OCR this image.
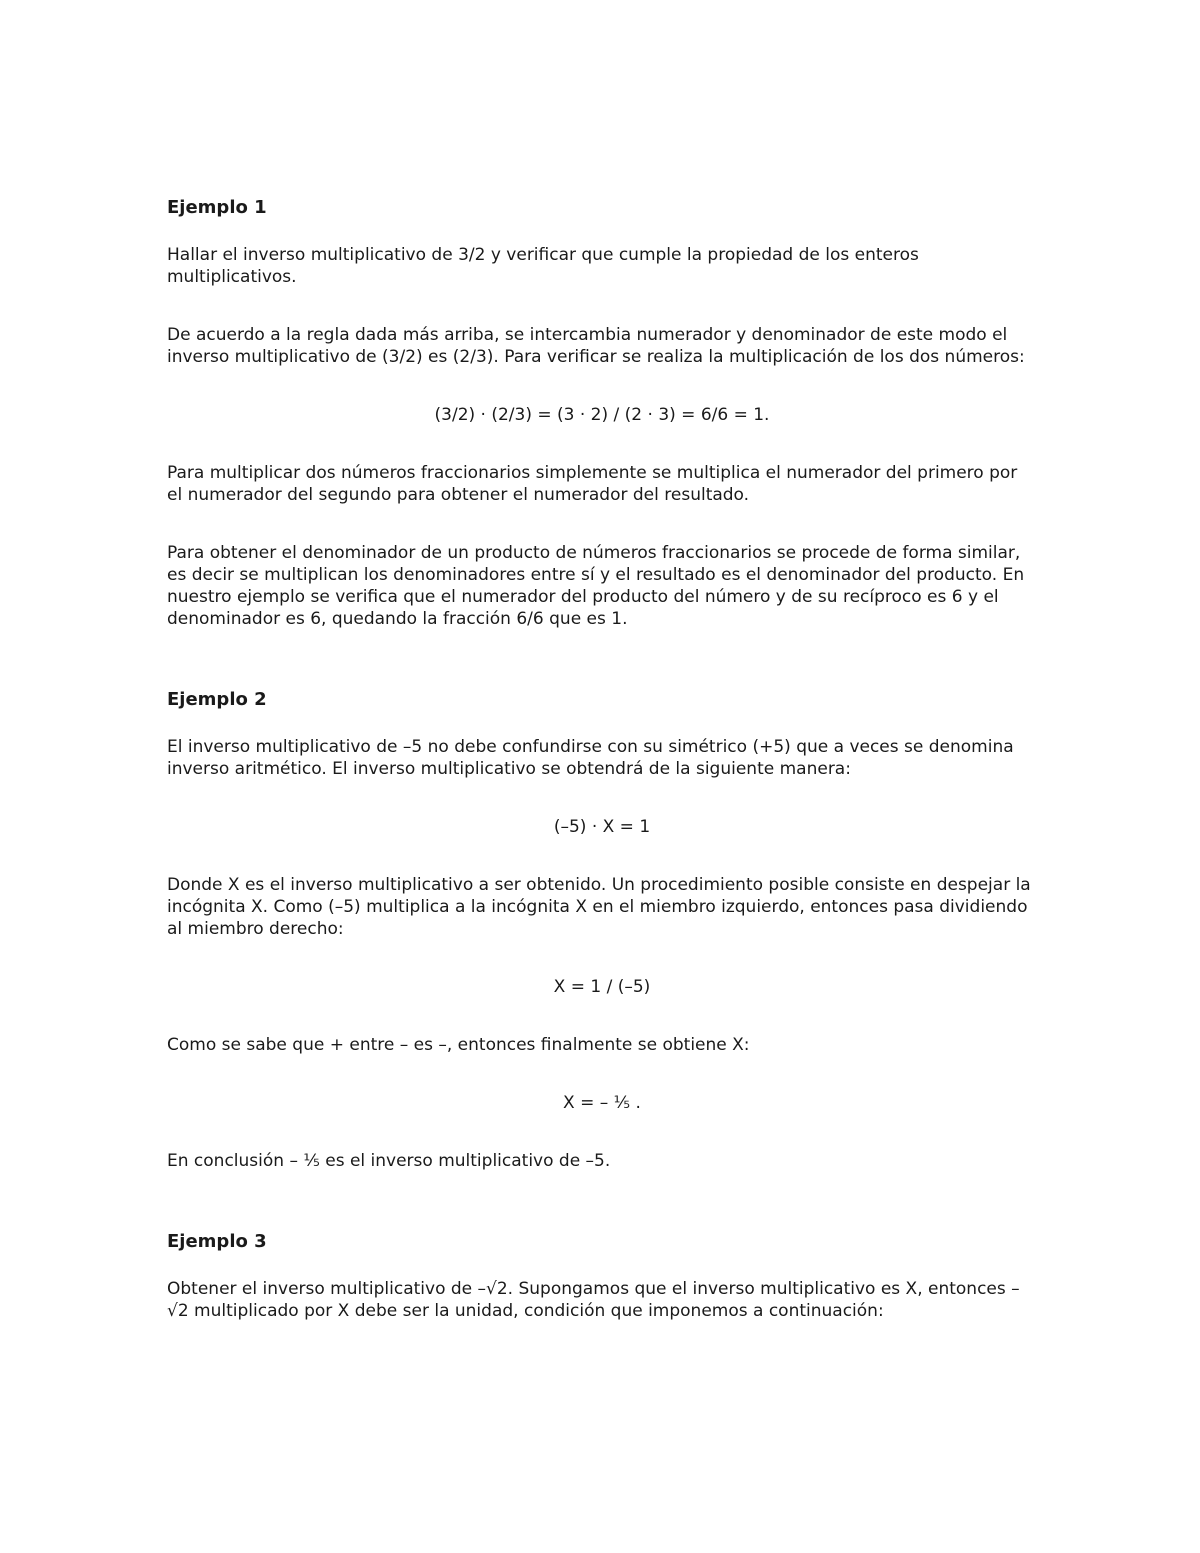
Ejemplo 1

Hallar el inverso multiplicativo de 3/2 y verificar que cumple la propiedad de los enteros multiplicativos.

De acuerdo a la regla dada más arriba, se intercambia numerador y denominador de este modo el inverso multiplicativo de (3/2) es (2/3). Para verificar se realiza la multiplicación de los dos números:

(3/2) · (2/3) = (3 · 2) / (2 · 3) = 6/6 = 1.

Para multiplicar dos números fraccionarios simplemente se multiplica el numerador del primero por el numerador del segundo para obtener el numerador del resultado.

Para obtener el denominador de un producto de números fraccionarios se procede de forma similar, es decir se multiplican los denominadores entre sí y el resultado es el denominador del producto. En nuestro ejemplo se verifica que el numerador del producto del número y de su recíproco es 6 y el denominador es 6, quedando la fracción 6/6 que es 1.

Ejemplo 2

El inverso multiplicativo de –5 no debe confundirse con su simétrico (+5) que a veces se denomina inverso aritmético. El inverso multiplicativo se obtendrá de la siguiente manera:

(–5) · X = 1

Donde X es el inverso multiplicativo a ser obtenido. Un procedimiento posible consiste en despejar la incógnita X. Como (–5) multiplica a la incógnita X en el miembro izquierdo, entonces pasa dividiendo al miembro derecho:

X = 1 / (–5)

Como se sabe que + entre – es –, entonces finalmente se obtiene X:

X = – ⅕ .

En conclusión – ⅕ es el inverso multiplicativo de –5.

Ejemplo 3

Obtener el inverso multiplicativo de –√2. Supongamos que el inverso multiplicativo es X, entonces –√2 multiplicado por X debe ser la unidad, condición que imponemos a continuación:
